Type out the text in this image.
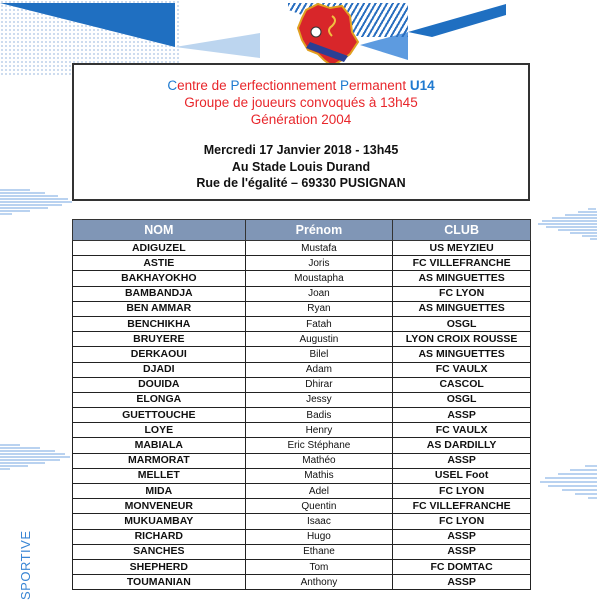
Centre de Perfectionnement Permanent U14
Groupe de joueurs convoqués à 13h45
Génération 2004
Mercredi 17 Janvier 2018 - 13h45
Au Stade Louis Durand
Rue de l'égalité – 69330 PUSIGNAN
NOM	Prénom	CLUB
ADIGUZEL	Mustafa	US MEYZIEU
ASTIE	Joris	FC VILLEFRANCHE
BAKHAYOKHO	Moustapha	AS MINGUETTES
BAMBANDJA	Joan	FC LYON
BEN AMMAR	Ryan	AS MINGUETTES
BENCHIKHA	Fatah	OSGL
BRUYERE	Augustin	LYON CROIX ROUSSE
DERKAOUI	Bilel	AS MINGUETTES
DJADI	Adam	FC VAULX
DOUIDA	Dhirar	CASCOL
ELONGA	Jessy	OSGL
GUETTOUCHE	Badis	ASSP
LOYE	Henry	FC VAULX
MABIALA	Eric Stéphane	AS DARDILLY
MARMORAT	Mathéo	ASSP
MELLET	Mathis	USEL Foot
MIDA	Adel	FC LYON
MONVENEUR	Quentin	FC VILLEFRANCHE
MUKUAMBAY	Isaac	FC LYON
RICHARD	Hugo	ASSP
SANCHES	Ethane	ASSP
SHEPHERD	Tom	FC DOMTAC
TOUMANIAN	Anthony	ASSP
SPORTIVE
